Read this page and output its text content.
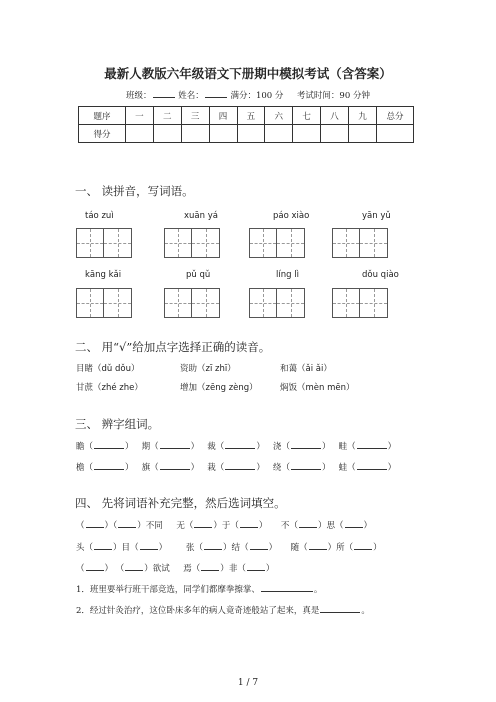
最新人教版六年级语文下册期中模拟考试（含答案）
班级：	姓名：	满分：100 分 考试时间：90 分钟
题序	一	二	三	四	五	六	七	八	九	总分
得分										
一、 读拼音，写词语。
táo zuì	xuān yá	páo xiào	yān yǔ
kāng kǎi	pǔ qǔ	líng lì	dǒu qiào
二、 用“√”给加点字选择正确的读音。
目睹（dǔ dǒu）	资助（zī zhī）	和蔼（ǎi ǎi）
甘蔗（zhé zhe）	增加（zēng zèng）	焖饭（mèn mēn）
三、 辨字组词。
瞻（	）   期（	）   裁（	）   浇（	）   畦（	）
檐（	）   旗（	）   栽（	）   绕（	）   蛙（	）
四、 先将词语补充完整，然后选词填空。
（ ）（ ）不同 无（ ）于（ ）     不（ ）思（ ）
头（ ）目（ ）       张（ ）结（ ）     随（ ）所（ ）
（ ） （ ）欲试 焉（ ）非（ ）
1．班里要举行班干部竞选，同学们都摩拳擦掌、	。
2．经过针灸治疗，这位卧床多年的病人竟奇迹般站了起来，真是	。
1 / 7
